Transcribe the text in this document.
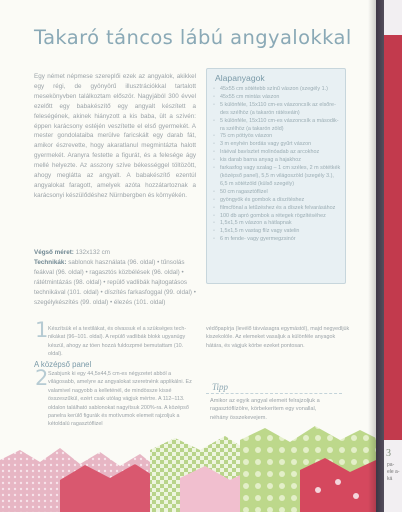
Takaró táncos lábú angyalokkal
Egy német népmese szereplői ezek az angyalok, akikkel egy régi, de gyönyörű illusztrációkkal tartalott mesekönyvben találkoztam először. Nagyjából 300 évvel ezelőtt egy babakészítő egy angyalt készített a feleségének, akinek hiányzott a kis baba, ült a szívén: éppen karácsony estéjén veszítette el első gyermekét. A mester gondolataiba merülve faricskált egy darab fát, amikor észrevette, hogy akaratlanul megmintázta halott gyermekét. Aranyra festette a figurát, és a felesége ágy mellé helyezte. Az asszony szíve békességgel töltözött, ahogy meglátta az angyalt. A babakészítő ezentúl angyalokat faragott, amelyek azóta hozzátartoznak a karácsonyi készülődéshez Nürnbergben és környékén.
Végső méret: 132x132 cm
Technikák: sablonok használata (96. oldal) • tűnsolás feákval (96. oldal) • ragasztós közbélések (96. oldal) • rátétmintázás (98. oldal) • repülő vadlibák hajtogatásos technikával (101. oldal) • díszítés farkasfoggal (99. oldal) • szegélykészítés (99. oldal) • élezés (101. oldal)
Alapanyagok
◦ 45x55 cm sötétebb színű vászon (szegély 1.)
◦ 45x55 cm mintás vászon
◦ 5 különféle, 15x110 cm-es vászoncsík az elsőredes szélhöz (a takarón rátéseáin)
◦ 5 különféle, 15x110 cm-es vászoncsík a másodikra szélhöz (a takarón zöld)
◦ 75 cm pöttyös vászon
◦ 3 m enyhén bordás vagy gyűrt vászon
◦ Iráéval bavísztet molinóadab az arcokhoz
◦ kis darab barna anyag a hajakhoz
◦ farkasfog vagy szalag – 1 cm széles, 2 m sötétkék (középső panel), 5,5 m világoszöld (szegély 3.), 6,5 m sötétzöld (külső szegély)
◦ 50 cm ragasztóflizel
◦ gyöngyök és gombok a díszítéshez
◦ filmcfönal a letűzéshez és a díszek felvarásához
◦ 100 db apró gombok a rétegek rögzítéséhez
◦ 1,5x1,5 m vászon a hátlapnak
◦ 1,5x1,5 m vastag flíz vagy vatelin
◦ 6 m fende- vagy gyermegzsinór
1 Készítsük el a textilákat, és olvassuk el a szükséges technikákat (96–101. oldal). A repülő vadlibák blokk ugyanúgy készül, ahogy az tóen hozzá fuldozpmé bemutattam (10. oldal).
A középső panel
2 Szabjunk ki egy 44,5x44,5 cm-es négyzetet abból a világosabb, amelyre az angyalokat szeretnénk applikálni. Ez valamivel nagyobb a kelleténél, de mindössze kissé összeszűkül, ezért csak utólag vágjuk mértre. A 112–113. oldalon található sablonokat nagyítsuk 200%-ra. A középső panelra kerülő figurák és motívumok elemeit rajzoljuk a kétoldalú ragasztóflizel
védőpapírja (levélő távvásagra egymástól), majd negyedljük kiszekolóle. Az elemeket vasaljuk a különféle anyagok hátára, és vágjuk körbe ezeket pontosan.
Tipp
Amikor az egyik angyal elemeit felrajzoljuk a ragasztóflízölre, körbekerítem egy vonallal, néhány összekevejem.
3
pa ele a ká
